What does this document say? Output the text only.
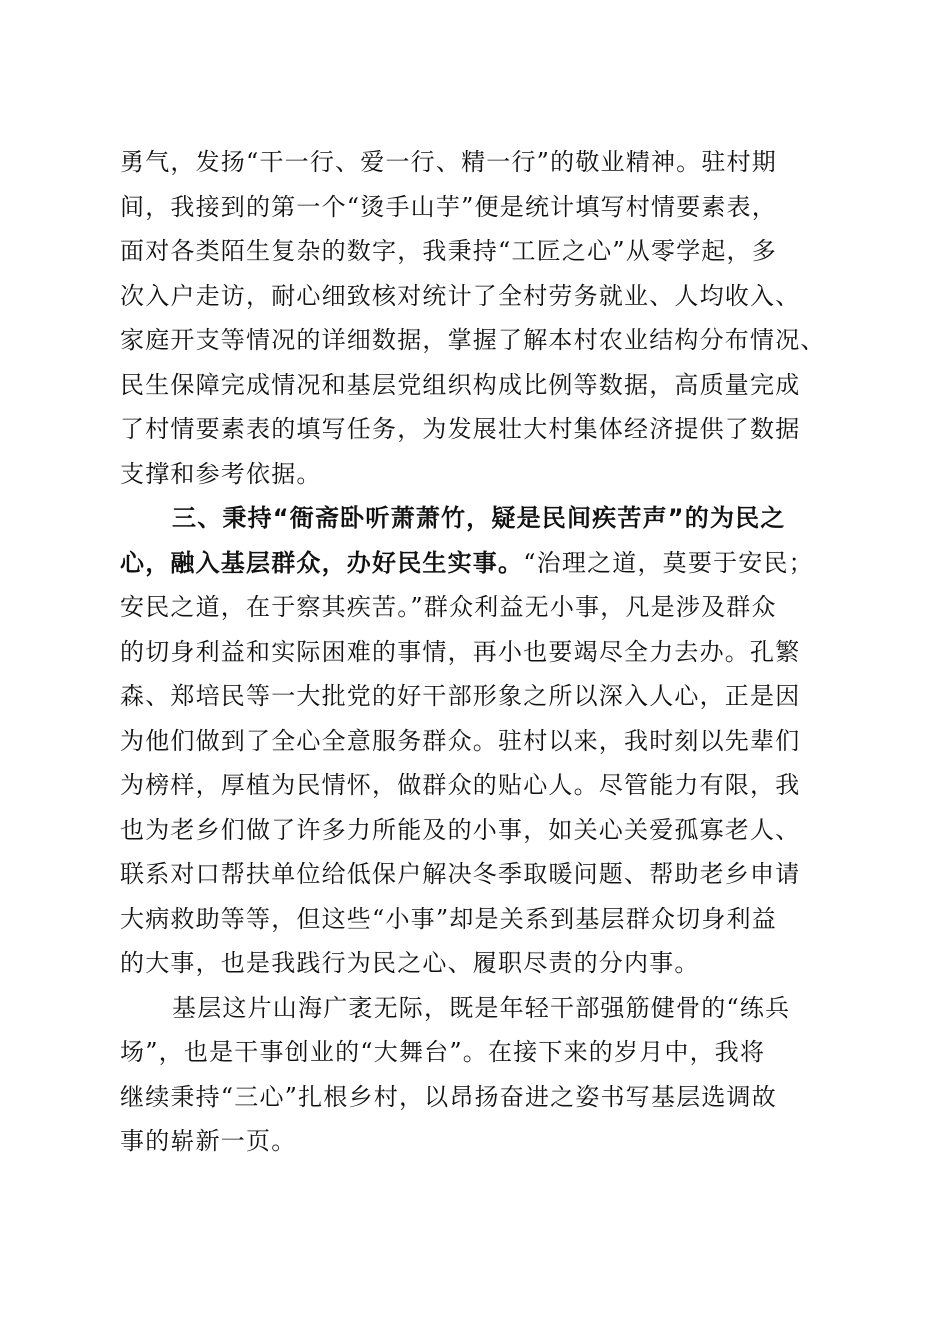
勇气，发扬“干一行、爱一行、精一行”的敬业精神。驻村期
间，我接到的第一个“烫手山芋”便是统计填写村情要素表，
面对各类陌生复杂的数字，我秉持“工匠之心”从零学起，多
次入户走访，耐心细致核对统计了全村劳务就业、人均收入、
家庭开支等情况的详细数据，掌握了解本村农业结构分布情况、
民生保障完成情况和基层党组织构成比例等数据，高质量完成
了村情要素表的填写任务，为发展壮大村集体经济提供了数据
支撑和参考依据。
三、秉持“衙斋卧听萧萧竹，疑是民间疾苦声”的为民之
心，融入基层群众，办好民生实事。“治理之道，莫要于安民；
安民之道，在于察其疾苦。”群众利益无小事，凡是涉及群众
的切身利益和实际困难的事情，再小也要竭尽全力去办。孔繁
森、郑培民等一大批党的好干部形象之所以深入人心，正是因
为他们做到了全心全意服务群众。驻村以来，我时刻以先辈们
为榜样，厚植为民情怀，做群众的贴心人。尽管能力有限，我
也为老乡们做了许多力所能及的小事，如关心关爱孤寡老人、
联系对口帮扶单位给低保户解决冬季取暖问题、帮助老乡申请
大病救助等等，但这些“小事”却是关系到基层群众切身利益
的大事，也是我践行为民之心、履职尽责的分内事。
基层这片山海广袤无际，既是年轻干部强筋健骨的“练兵
场”，也是干事创业的“大舞台”。在接下来的岁月中，我将
继续秉持“三心”扎根乡村，以昂扬奋进之姿书写基层选调故
事的崭新一页。
